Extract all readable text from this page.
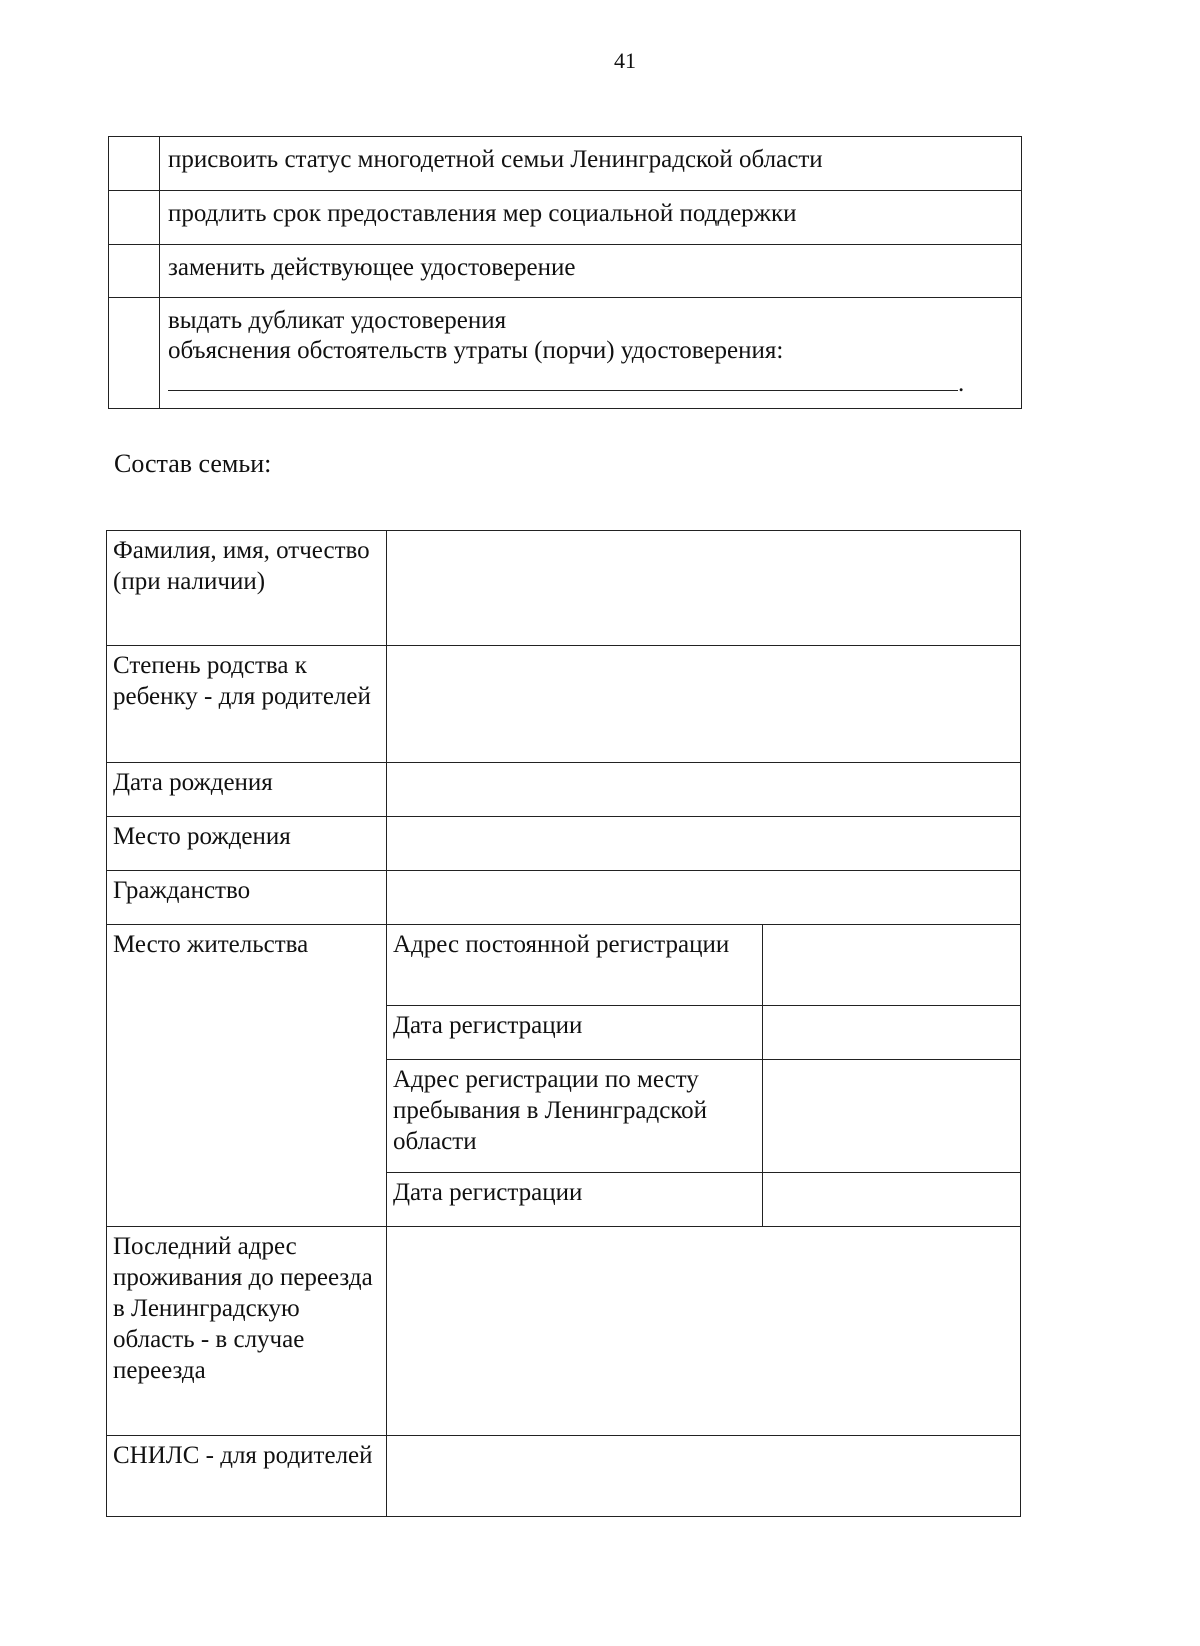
41
	присвоить статус многодетной семьи Ленинградской области
	продлить срок предоставления мер социальной поддержки
	заменить действующее удостоверение

	выдать дубликат удостоверения
объяснения обстоятельств утраты (порчи) удостоверения:
.
Состав семьи:
Фамилия, имя, отчество (при наличии)		
Степень родства к ребенку - для родителей		
Дата рождения		
Место рождения		
Гражданство		
Место жительства	Адрес постоянной регистрации	
	Дата регистрации	
	Адрес регистрации по месту пребывания в Ленинградской области	
	Дата регистрации	
Последний адрес проживания до переезда в Ленинградскую область - в случае переезда		
СНИЛС - для родителей		
